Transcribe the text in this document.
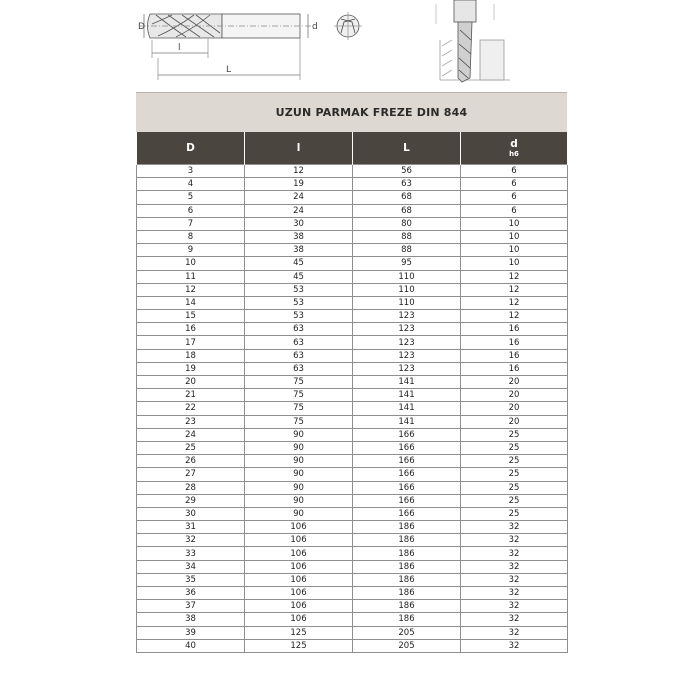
D	d
l
L
UZUN PARMAK FREZE DIN 844
D	l	L	d
h6

3	12	56	6
4	19	63	6
5	24	68	6
6	24	68	6
7	30	80	10
8	38	88	10
9	38	88	10
10	45	95	10
11	45	110	12
12	53	110	12
14	53	110	12
15	53	123	12
16	63	123	16
17	63	123	16
18	63	123	16
19	63	123	16
20	75	141	20
21	75	141	20
22	75	141	20
23	75	141	20
24	90	166	25
25	90	166	25
26	90	166	25
27	90	166	25
28	90	166	25
29	90	166	25
30	90	166	25
31	106	186	32
32	106	186	32
33	106	186	32
34	106	186	32
35	106	186	32
36	106	186	32
37	106	186	32
38	106	186	32
39	125	205	32
40	125	205	32
